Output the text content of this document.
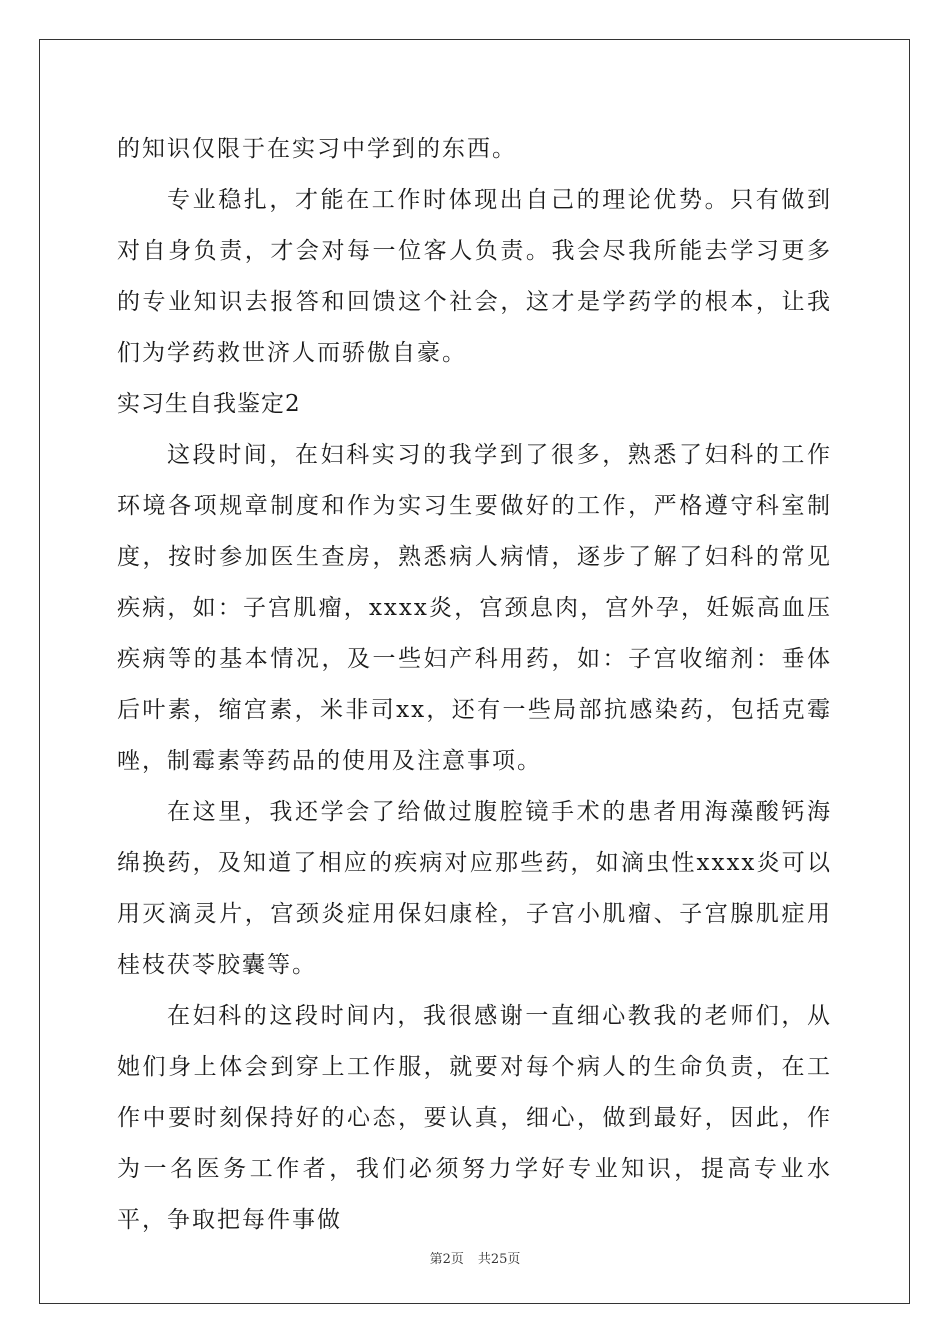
的知识仅限于在实习中学到的东西。

专业稳扎，才能在工作时体现出自己的理论优势。只有做到对自身负责，才会对每一位客人负责。我会尽我所能去学习更多的专业知识去报答和回馈这个社会，这才是学药学的根本，让我们为学药救世济人而骄傲自豪。

实习生自我鉴定2

这段时间，在妇科实习的我学到了很多，熟悉了妇科的工作环境各项规章制度和作为实习生要做好的工作，严格遵守科室制度，按时参加医生查房，熟悉病人病情，逐步了解了妇科的常见疾病，如：子宫肌瘤，xxxx炎，宫颈息肉，宫外孕，妊娠高血压疾病等的基本情况，及一些妇产科用药，如：子宫收缩剂：垂体后叶素，缩宫素，米非司xx，还有一些局部抗感染药，包括克霉唑，制霉素等药品的使用及注意事项。

在这里，我还学会了给做过腹腔镜手术的患者用海藻酸钙海绵换药，及知道了相应的疾病对应那些药，如滴虫性xxxx炎可以用灭滴灵片，宫颈炎症用保妇康栓，子宫小肌瘤、子宫腺肌症用桂枝茯苓胶囊等。

在妇科的这段时间内，我很感谢一直细心教我的老师们，从她们身上体会到穿上工作服，就要对每个病人的生命负责，在工作中要时刻保持好的心态，要认真，细心，做到最好，因此，作为一名医务工作者，我们必须努力学好专业知识，提高专业水平，争取把每件事做

第2页 共25页
